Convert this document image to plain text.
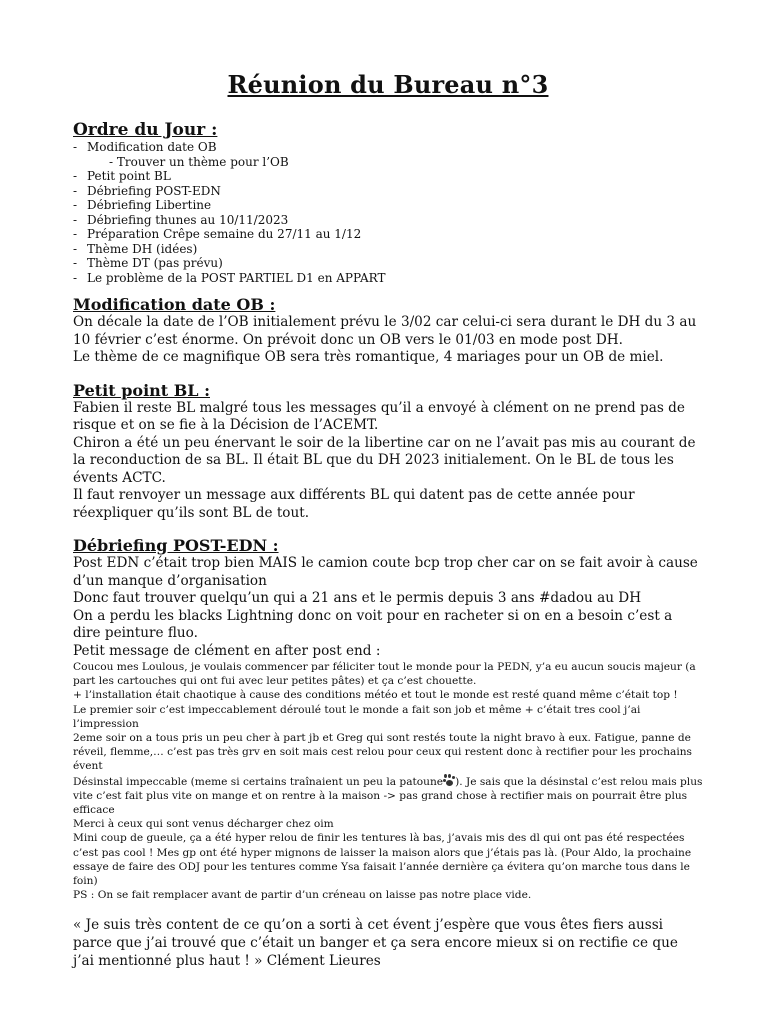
Réunion du Bureau n°3
Ordre du Jour :
- Modification date OB
- Trouver un thème pour l’OB
- Petit point BL
- Débriefing POST-EDN
- Débriefing Libertine
- Débriefing thunes au 10/11/2023
- Préparation Crêpe semaine du 27/11 au 1/12
- Thème DH (idées)
- Thème DT (pas prévu)
- Le problème de la POST PARTIEL D1 en APPART
Modification date OB :

On décale la date de l’OB initialement prévu le 3/02 car celui-ci sera durant le DH du 3 au 10 février c’est énorme. On prévoit donc un OB vers le 01/03 en mode post DH.

Le thème de ce magnifique OB sera très romantique, 4 mariages pour un OB de miel.

Petit point BL :

Fabien il reste BL malgré tous les messages qu’il a envoyé à clément on ne prend pas de risque et on se fie à la Décision de l’ACEMT.

Chiron a été un peu énervant le soir de la libertine car on ne l’avait pas mis au courant de la reconduction de sa BL. Il était BL que du DH 2023 initialement. On le BL de tous les évents ACTC.

Il faut renvoyer un message aux différents BL qui datent pas de cette année pour réexpliquer qu’ils sont BL de tout.

Débriefing POST-EDN :

Post EDN c’était trop bien MAIS le camion coute bcp trop cher car on se fait avoir à cause d’un manque d’organisation

Donc faut trouver quelqu’un qui a 21 ans et le permis depuis 3 ans #dadou au DH

On a perdu les blacks Lightning donc on voit pour en racheter si on en a besoin c’est a dire peinture fluo.

Petit message de clément en after post end :

Coucou mes Loulous, je voulais commencer par féliciter tout le monde pour la PEDN, y’a eu aucun soucis majeur (a part les cartouches qui ont fui avec leur petites pâtes) et ça c’est chouette.

+ l’installation était chaotique à cause des conditions météo et tout le monde est resté quand même c’était top !

Le premier soir c’est impeccablement déroulé tout le monde a fait son job et même + c’était tres cool j’ai l’impression

2eme soir on a tous pris un peu cher à part jb et Greg qui sont restés toute la night bravo à eux. Fatigue, panne de réveil, flemme,… c’est pas très grv en soit mais cest relou pour ceux qui restent donc à rectifier pour les prochains évent

Désinstal impeccable (meme si certains traînaient un peu la patoune ). Je sais que la désinstal c’est relou mais plus vite c’est fait plus vite on mange et on rentre à la maison -> pas grand chose à rectifier mais on pourrait être plus efficace

Merci à ceux qui sont venus décharger chez oim

Mini coup de gueule, ça a été hyper relou de finir les tentures là bas, j’avais mis des dl qui ont pas été respectées c’est pas cool ! Mes gp ont été hyper mignons de laisser la maison alors que j’étais pas là. (Pour Aldo, la prochaine essaye de faire des ODJ pour les tentures comme Ysa faisait l’année dernière ça évitera qu’on marche tous dans le foin)

PS : On se fait remplacer avant de partir d’un créneau on laisse pas notre place vide.

« Je suis très content de ce qu’on a sorti à cet évent j’espère que vous êtes fiers aussi parce que j’ai trouvé que c’était un banger et ça sera encore mieux si on rectifie ce que j’ai mentionné plus haut ! » Clément Lieures
